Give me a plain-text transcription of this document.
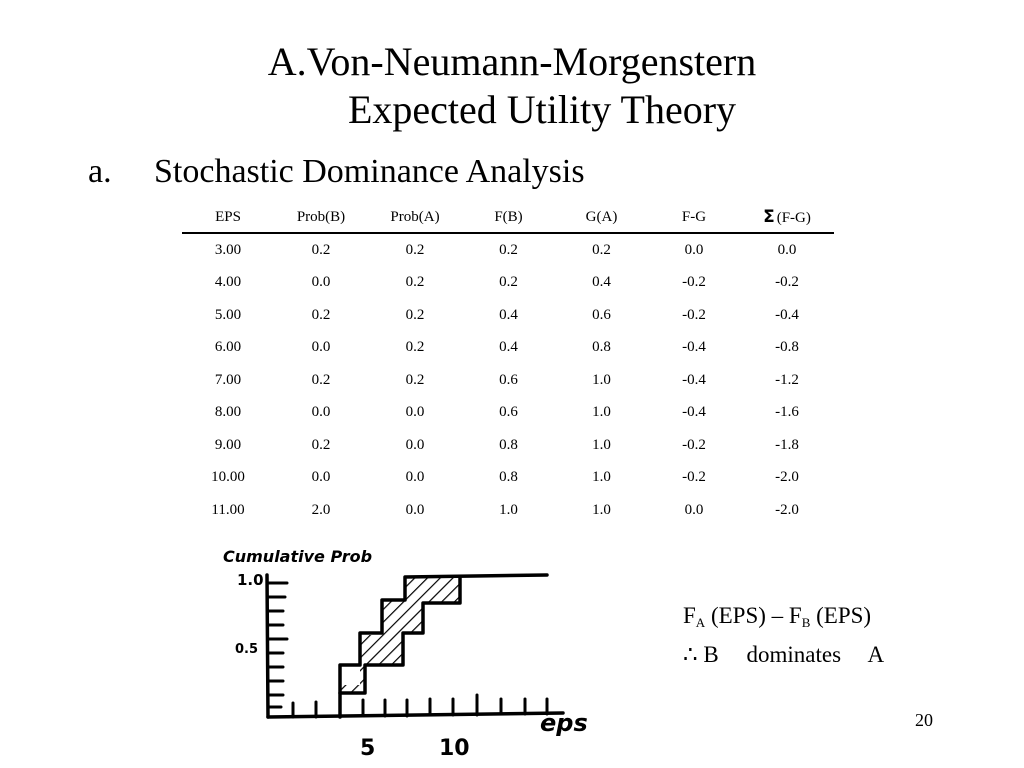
A.Von-Neumann-Morgenstern
Expected Utility Theory
a. Stochastic Dominance Analysis
EPS	Prob(B)	Prob(A)	F(B)	G(A)	F-G	Σ (F-G)
3.00	0.2	0.2	0.2	0.2	0.0	0.0
4.00	0.0	0.2	0.2	0.4	-0.2	-0.2
5.00	0.2	0.2	0.4	0.6	-0.2	-0.4
6.00	0.0	0.2	0.4	0.8	-0.4	-0.8
7.00	0.2	0.2	0.6	1.0	-0.4	-1.2
8.00	0.0	0.0	0.6	1.0	-0.4	-1.6
9.00	0.2	0.0	0.8	1.0	-0.2	-1.8
10.00	0.0	0.0	0.8	1.0	-0.2	-2.0
11.00	2.0	0.0	1.0	1.0	0.0	-2.0
Cumulative Prob
1.0
0.5
5	10
eps
$F_A$ $(EPS) - F_B$ (EPS)
∴ B dominates A
20
